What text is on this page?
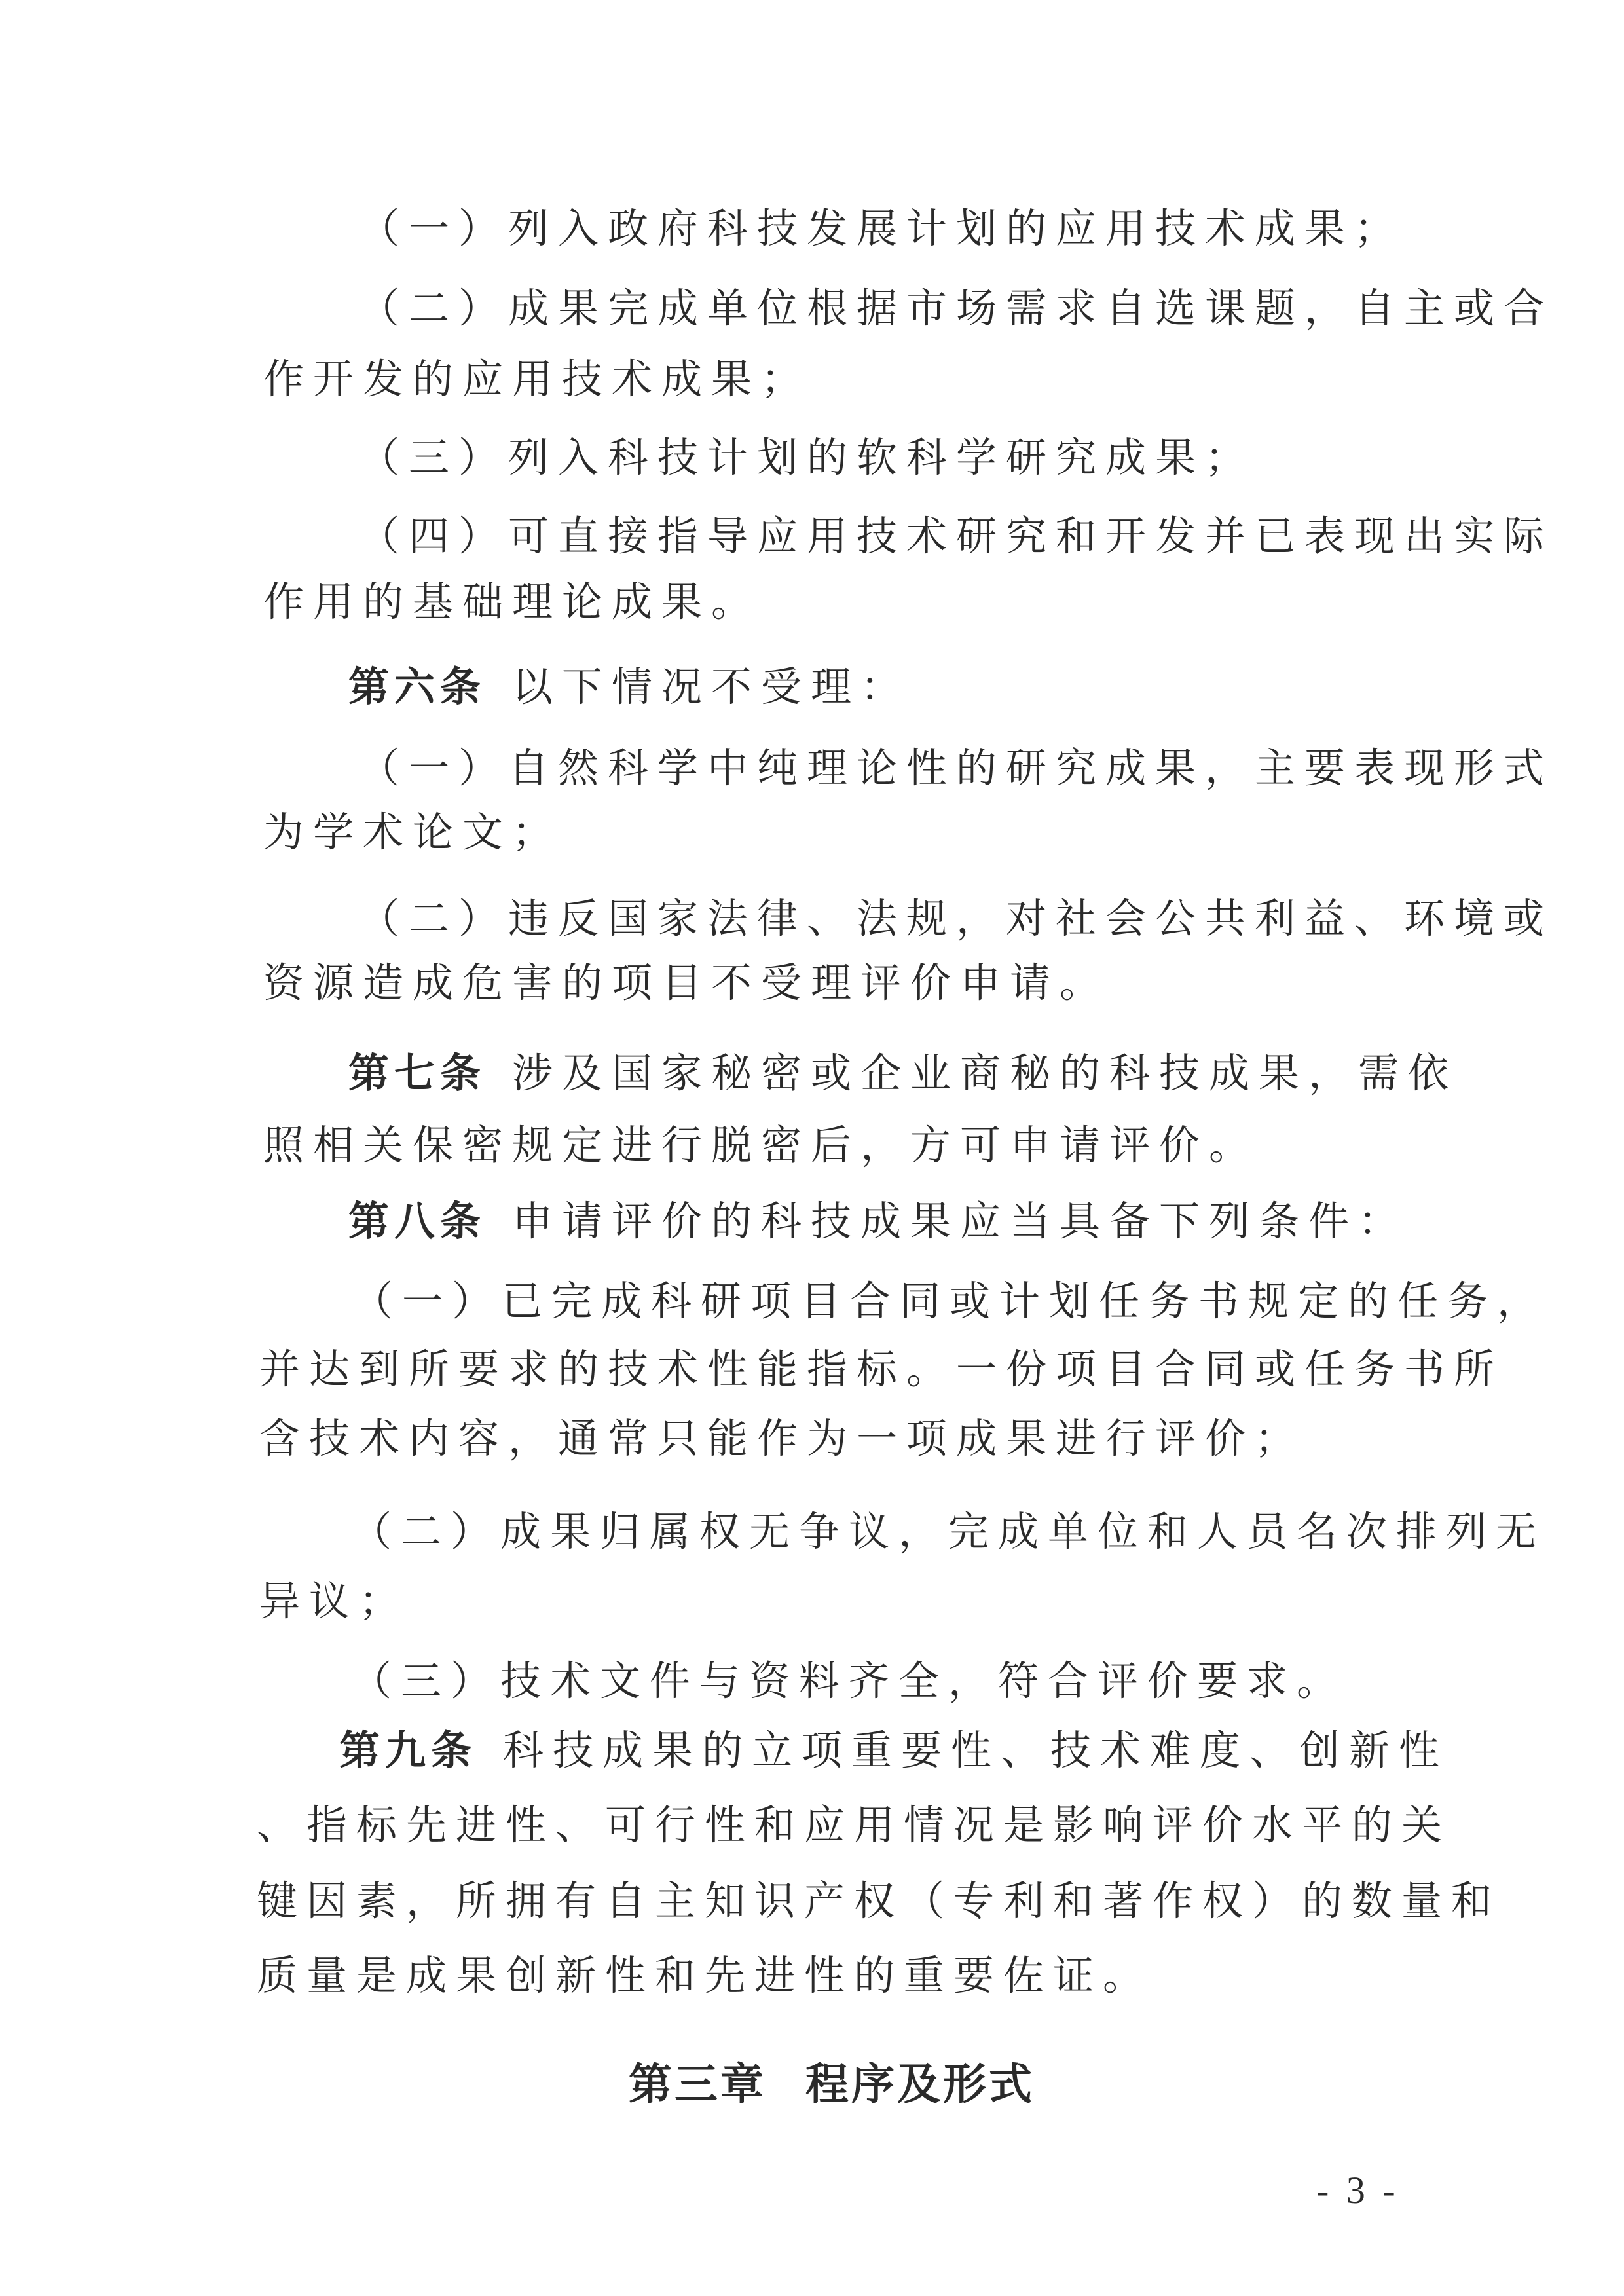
（一）列入政府科技发展计划的应用技术成果；
（二）成果完成单位根据市场需求自选课题，自主或合
作开发的应用技术成果；
（三）列入科技计划的软科学研究成果；
（四）可直接指导应用技术研究和开发并已表现出实际
作用的基础理论成果。
第六条 以下情况不受理：
（一）自然科学中纯理论性的研究成果，主要表现形式
为学术论文；
（二）违反国家法律、法规，对社会公共利益、环境或
资源造成危害的项目不受理评价申请。
第七条 涉及国家秘密或企业商秘的科技成果，需依
照相关保密规定进行脱密后，方可申请评价。
第八条 申请评价的科技成果应当具备下列条件：
（一）已完成科研项目合同或计划任务书规定的任务，
并达到所要求的技术性能指标。一份项目合同或任务书所
含技术内容，通常只能作为一项成果进行评价；
（二）成果归属权无争议，完成单位和人员名次排列无
异议；
（三）技术文件与资料齐全，符合评价要求。
第九条 科技成果的立项重要性、技术难度、创新性
、指标先进性、可行性和应用情况是影响评价水平的关
键因素，所拥有自主知识产权（专利和著作权）的数量和
质量是成果创新性和先进性的重要佐证。
第三章 程序及形式
- 3 -
